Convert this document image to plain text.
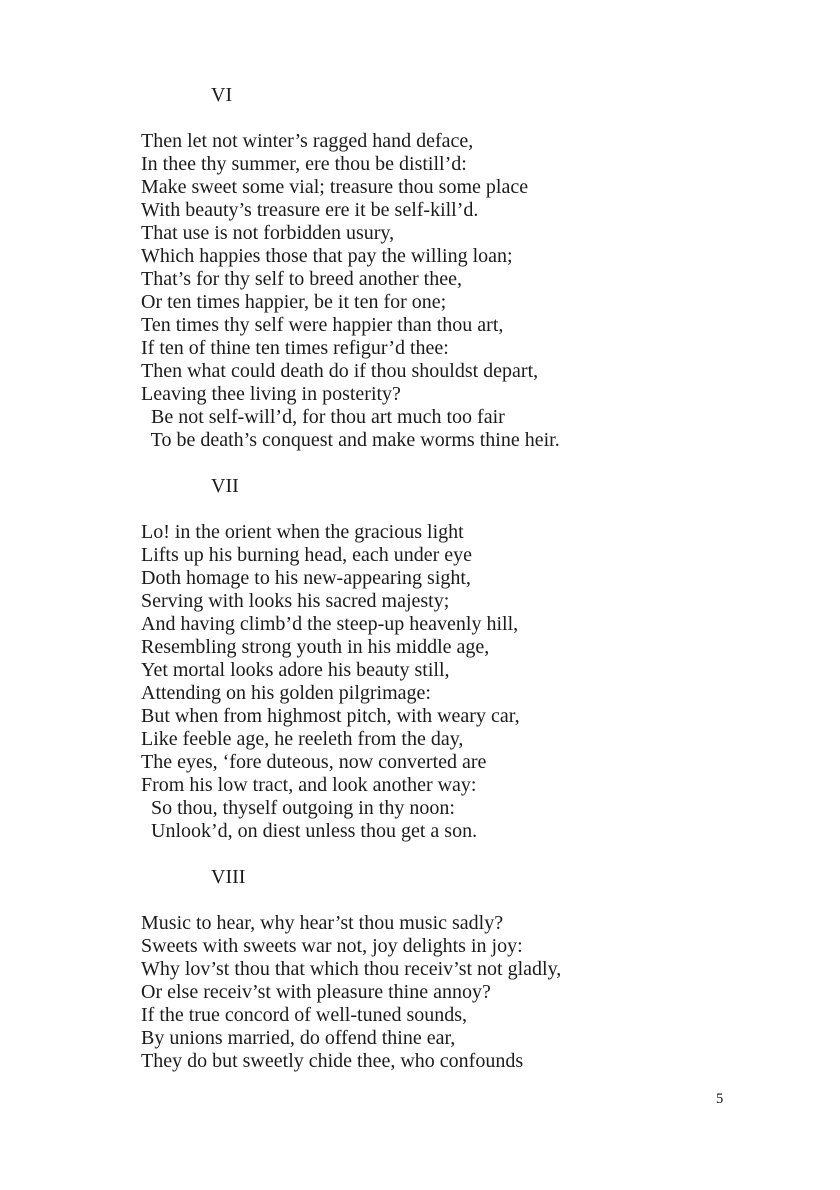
VI
Then let not winter’s ragged hand deface,
In thee thy summer, ere thou be distill’d:
Make sweet some vial; treasure thou some place
With beauty’s treasure ere it be self-kill’d.
That use is not forbidden usury,
Which happies those that pay the willing loan;
That’s for thy self to breed another thee,
Or ten times happier, be it ten for one;
Ten times thy self were happier than thou art,
If ten of thine ten times refigur’d thee:
Then what could death do if thou shouldst depart,
Leaving thee living in posterity?
Be not self-will’d, for thou art much too fair
To be death’s conquest and make worms thine heir.
VII
Lo! in the orient when the gracious light
Lifts up his burning head, each under eye
Doth homage to his new-appearing sight,
Serving with looks his sacred majesty;
And having climb’d the steep-up heavenly hill,
Resembling strong youth in his middle age,
Yet mortal looks adore his beauty still,
Attending on his golden pilgrimage:
But when from highmost pitch, with weary car,
Like feeble age, he reeleth from the day,
The eyes, ‘fore duteous, now converted are
From his low tract, and look another way:
So thou, thyself outgoing in thy noon:
Unlook’d, on diest unless thou get a son.
VIII
Music to hear, why hear’st thou music sadly?
Sweets with sweets war not, joy delights in joy:
Why lov’st thou that which thou receiv’st not gladly,
Or else receiv’st with pleasure thine annoy?
If the true concord of well-tuned sounds,
By unions married, do offend thine ear,
They do but sweetly chide thee, who confounds
5
